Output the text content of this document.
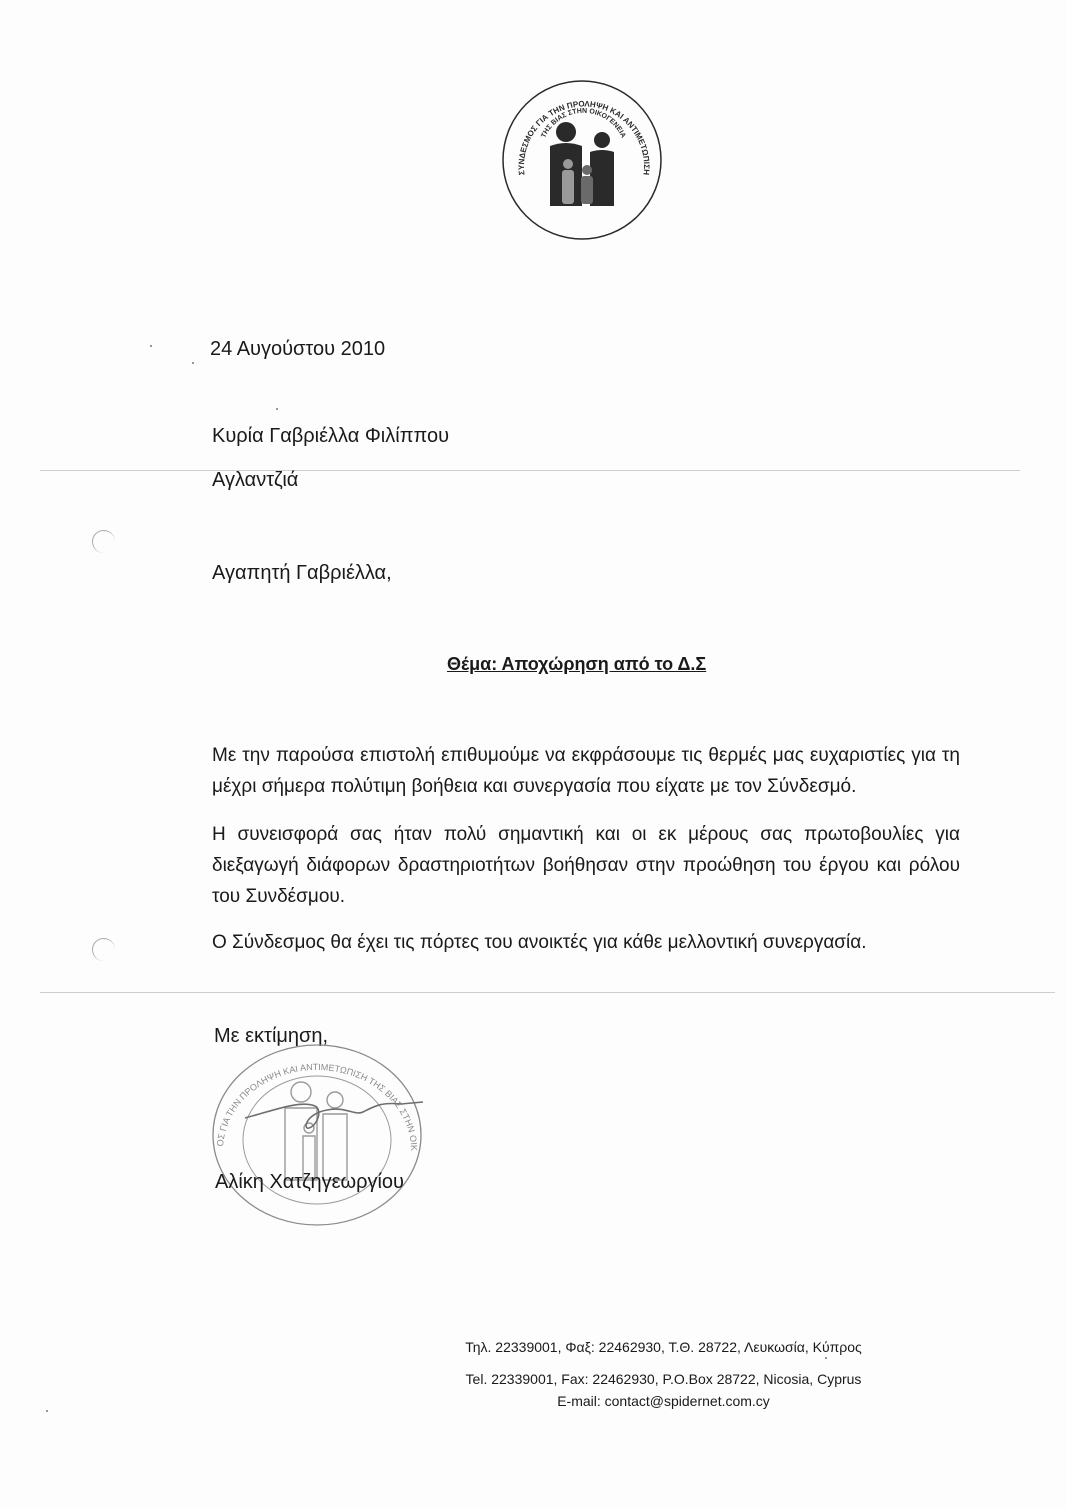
ΣΥΝΔΕΣΜΟΣ ΓΙΑ ΤΗΝ ΠΡΟΛΗΨΗ ΚΑΙ ΑΝΤΙΜΕΤΩΠΙΣΗ
ΤΗΣ ΒΙΑΣ ΣΤΗΝ ΟΙΚΟΓΕΝΕΙΑ
24 Αυγούστου 2010
Κυρία Γαβριέλλα Φιλίππου
Αγλαντζιά
Αγαπητή Γαβριέλλα,
Θέμα: Αποχώρηση από το Δ.Σ
Με την παρούσα επιστολή επιθυμούμε να εκφράσουμε τις θερμές μας ευχαριστίες για τη μέχρι σήμερα πολύτιμη βοήθεια και συνεργασία που είχατε με τον Σύνδεσμό.
Η συνεισφορά σας ήταν πολύ σημαντική και οι εκ μέρους σας πρωτοβουλίες για διεξαγωγή διάφορων δραστηριοτήτων βοήθησαν στην προώθηση του έργου και ρόλου του Συνδέσμου.
Ο Σύνδεσμος θα έχει τις πόρτες του ανοικτές για κάθε μελλοντική συνεργασία.
Με εκτίμηση,
ΟΣ ΓΙΑ ΤΗΝ ΠΡΟΛΗΨΗ ΚΑΙ ΑΝΤΙΜΕΤΩΠΙΣΗ ΤΗΣ ΒΙΑΣ ΣΤΗΝ ΟΙΚ
Αλίκη Χατζηγεωργίου
Τηλ. 22339001, Φαξ: 22462930, Τ.Θ. 28722, Λευκωσία, Κύπρος
Tel. 22339001, Fax: 22462930, P.O.Box 28722, Nicosia, Cyprus
E-mail: contact@spidernet.com.cy
